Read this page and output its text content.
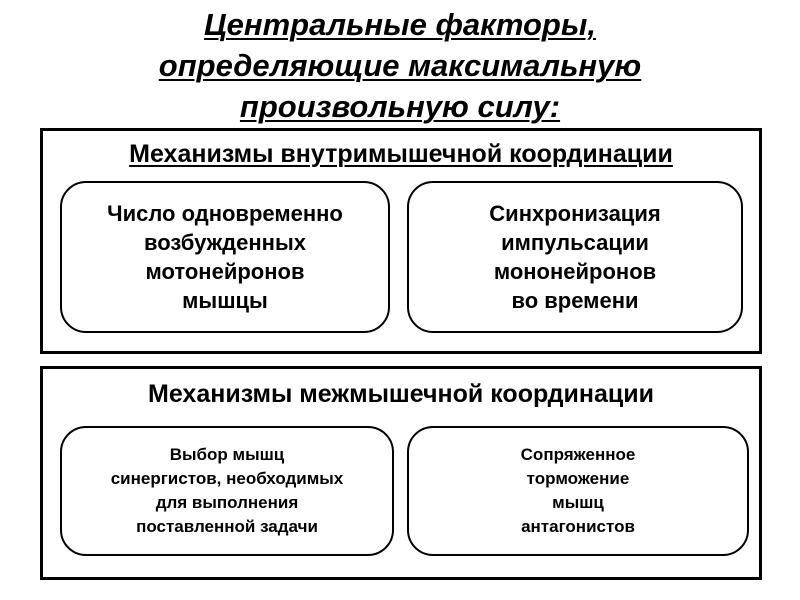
Центральные факторы,
определяющие максимальную
произвольную силу:
Механизмы внутримышечной координации
Число одновременно
возбужденных
мотонейронов
мышцы
Синхронизация
импульсации
мононейронов
во времени
Механизмы межмышечной координации
Выбор мышц
синергистов, необходимых
для выполнения
поставленной задачи
Сопряженное
торможение
мышц
антагонистов
